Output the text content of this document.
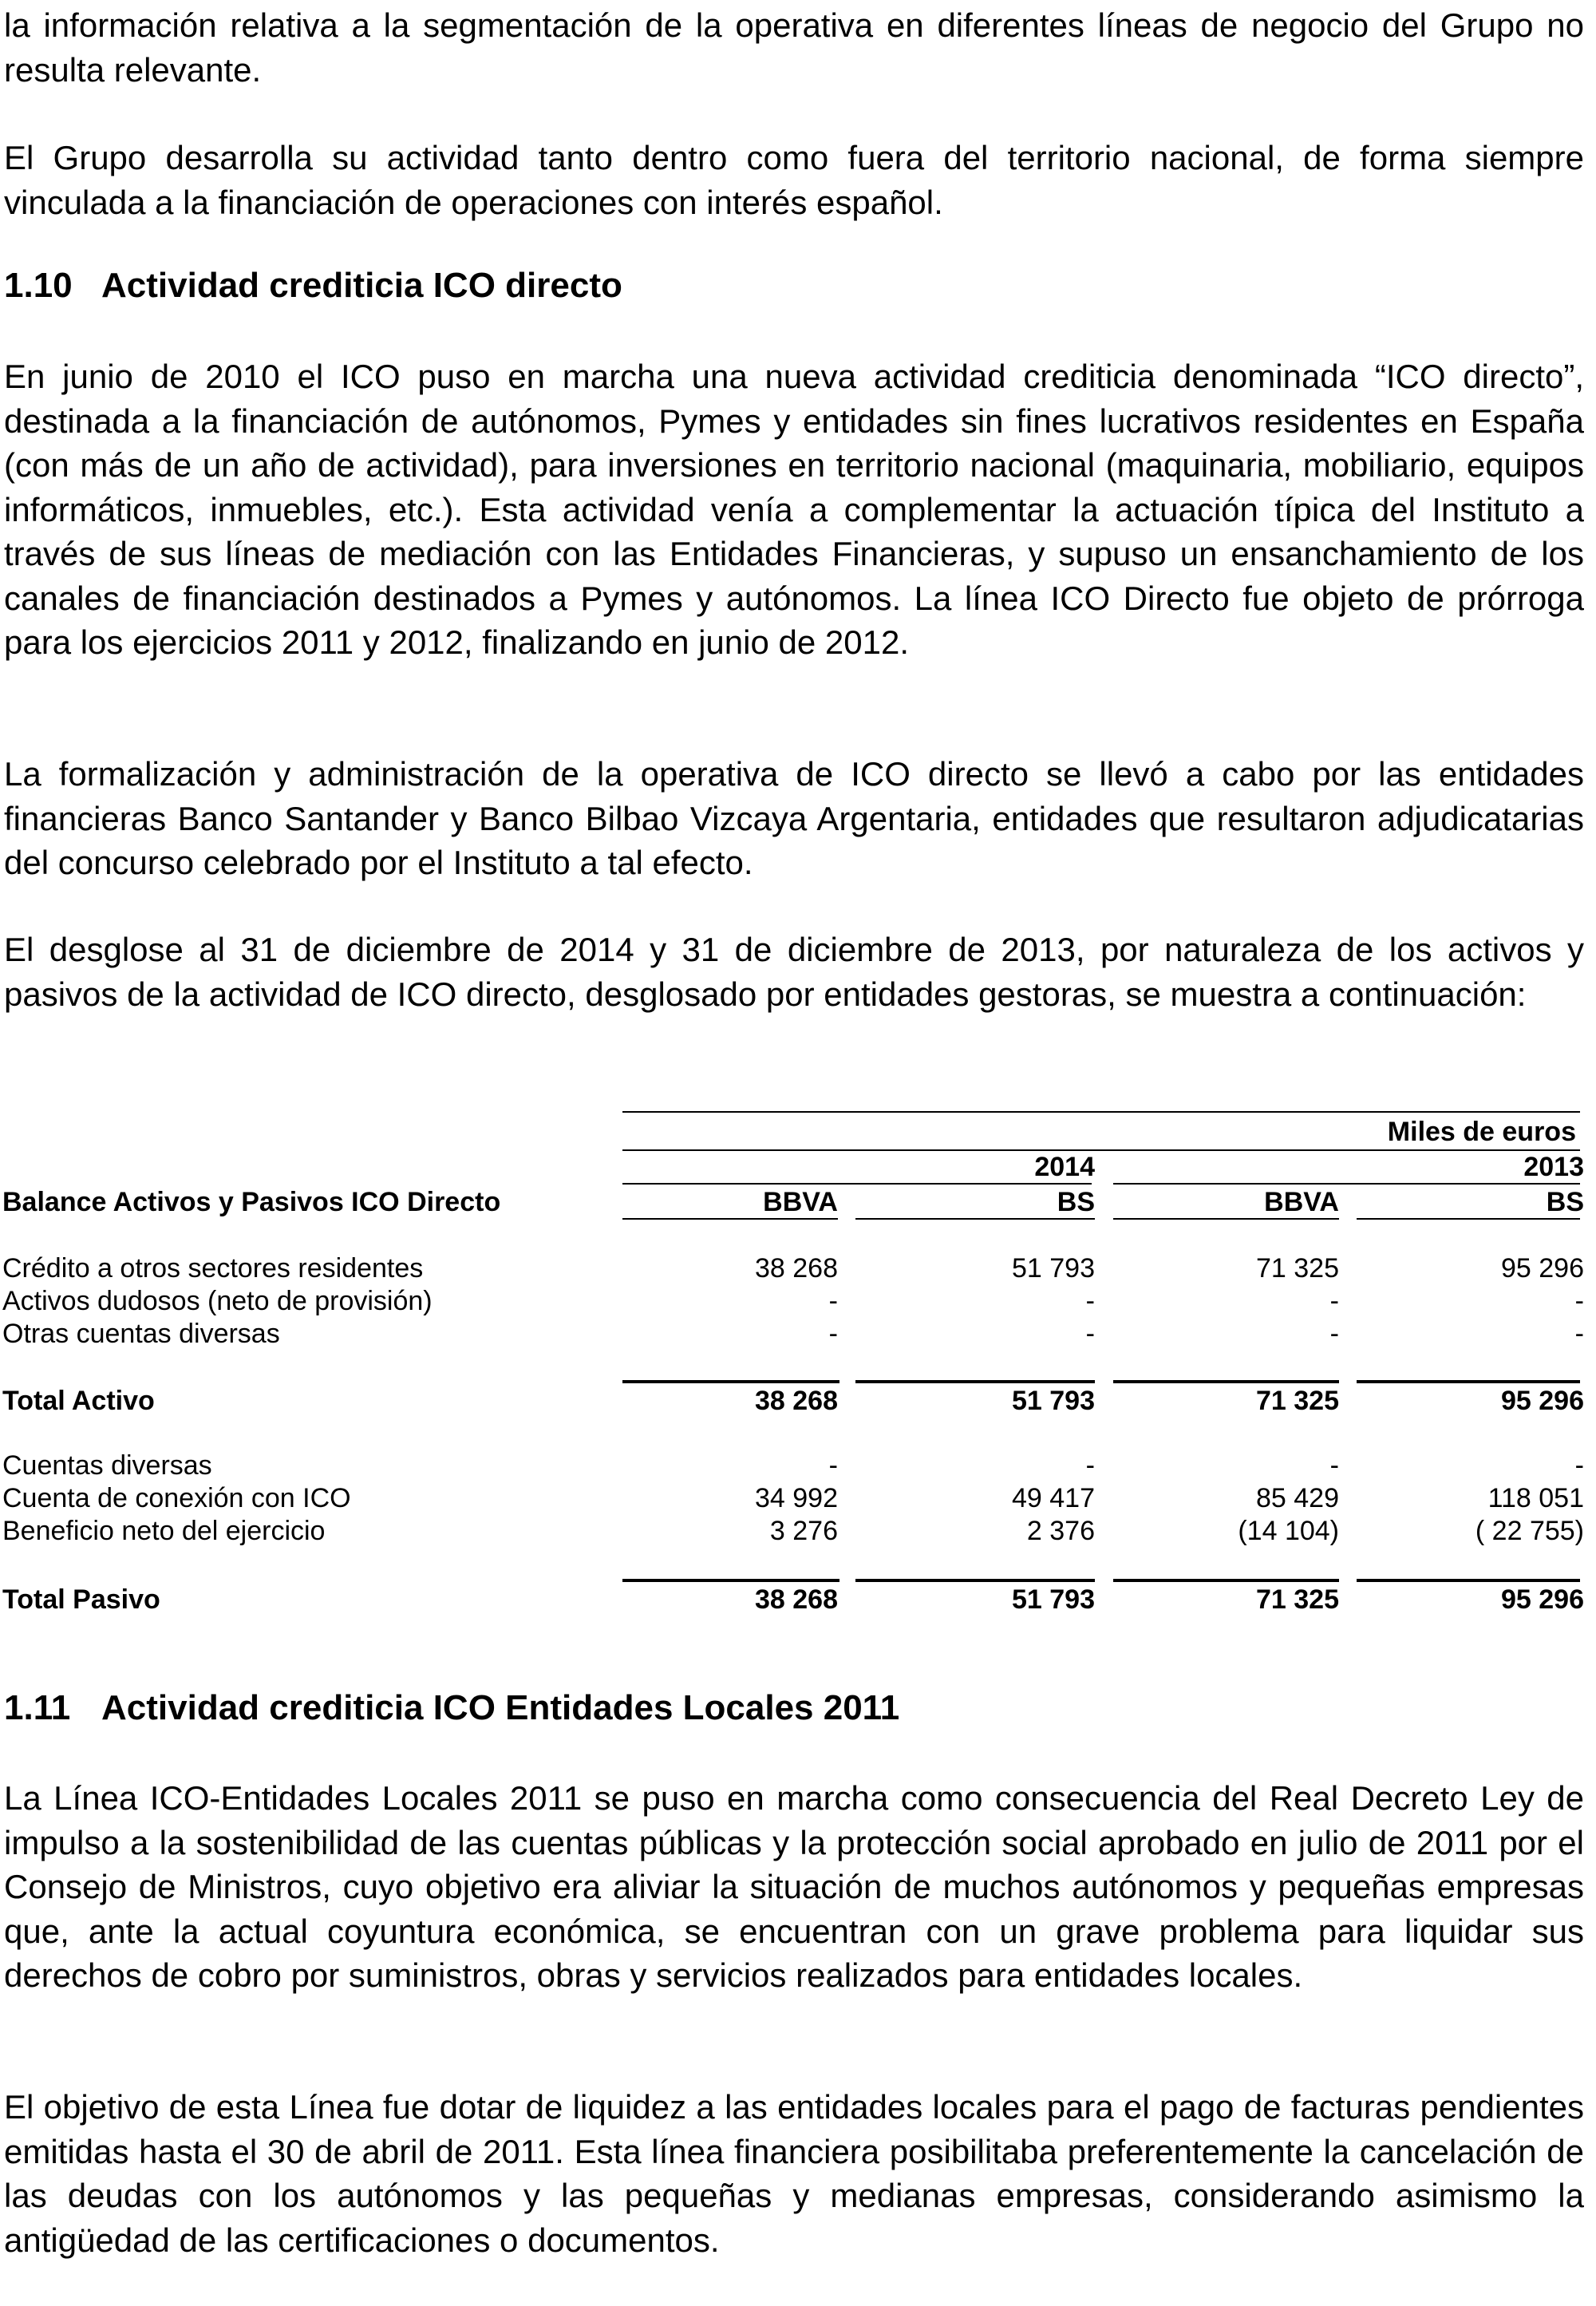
la información relativa a la segmentación de la operativa en diferentes líneas de negocio del Grupo no resulta relevante.

El Grupo desarrolla su actividad tanto dentro como fuera del territorio nacional, de forma siempre vinculada a la financiación de operaciones con interés español.

1.10 Actividad crediticia ICO directo

En junio de 2010 el ICO puso en marcha una nueva actividad crediticia denominada “ICO directo”, destinada a la financiación de autónomos, Pymes y entidades sin fines lucrativos residentes en España (con más de un año de actividad), para inversiones en territorio nacional (maquinaria, mobiliario, equipos informáticos, inmuebles, etc.). Esta actividad venía a complementar la actuación típica del Instituto a través de sus líneas de mediación con las Entidades Financieras, y supuso un ensanchamiento de los canales de financiación destinados a Pymes y autónomos. La línea ICO Directo fue objeto de prórroga para los ejercicios 2011 y 2012, finalizando en junio de 2012.

La formalización y administración de la operativa de ICO directo se llevó a cabo por las entidades financieras Banco Santander y Banco Bilbao Vizcaya Argentaria, entidades que resultaron adjudicatarias del concurso celebrado por el Instituto a tal efecto.

El desglose al 31 de diciembre de 2014 y 31 de diciembre de 2013, por naturaleza de los activos y pasivos de la actividad de ICO directo, desglosado por entidades gestoras, se muestra a continuación:

Miles de euros
2014	2013
Balance Activos y Pasivos ICO Directo	BBVA	BS	BBVA	BS
Crédito a otros sectores residentes	38 268	51 793	71 325	95 296
Activos dudosos (neto de provisión)	-	-	-	-
Otras cuentas diversas	-	-	-	-
Total Activo	38 268	51 793	71 325	95 296
Cuentas diversas	-	-	-	-
Cuenta de conexión con ICO	34 992	49 417	85 429	118 051
Beneficio neto del ejercicio	3 276	2 376	(14 104)	( 22 755)
Total Pasivo	38 268	51 793	71 325	95 296
1.11 Actividad crediticia ICO Entidades Locales 2011

La Línea ICO-Entidades Locales 2011 se puso en marcha como consecuencia del Real Decreto Ley de impulso a la sostenibilidad de las cuentas públicas y la protección social aprobado en julio de 2011 por el Consejo de Ministros, cuyo objetivo era aliviar la situación de muchos autónomos y pequeñas empresas que, ante la actual coyuntura económica, se encuentran con un grave problema para liquidar sus derechos de cobro por suministros, obras y servicios realizados para entidades locales.

El objetivo de esta Línea fue dotar de liquidez a las entidades locales para el pago de facturas pendientes emitidas hasta el 30 de abril de 2011. Esta línea financiera posibilitaba preferentemente la cancelación de las deudas con los autónomos y las pequeñas y medianas empresas, considerando asimismo la antigüedad de las certificaciones o documentos.
